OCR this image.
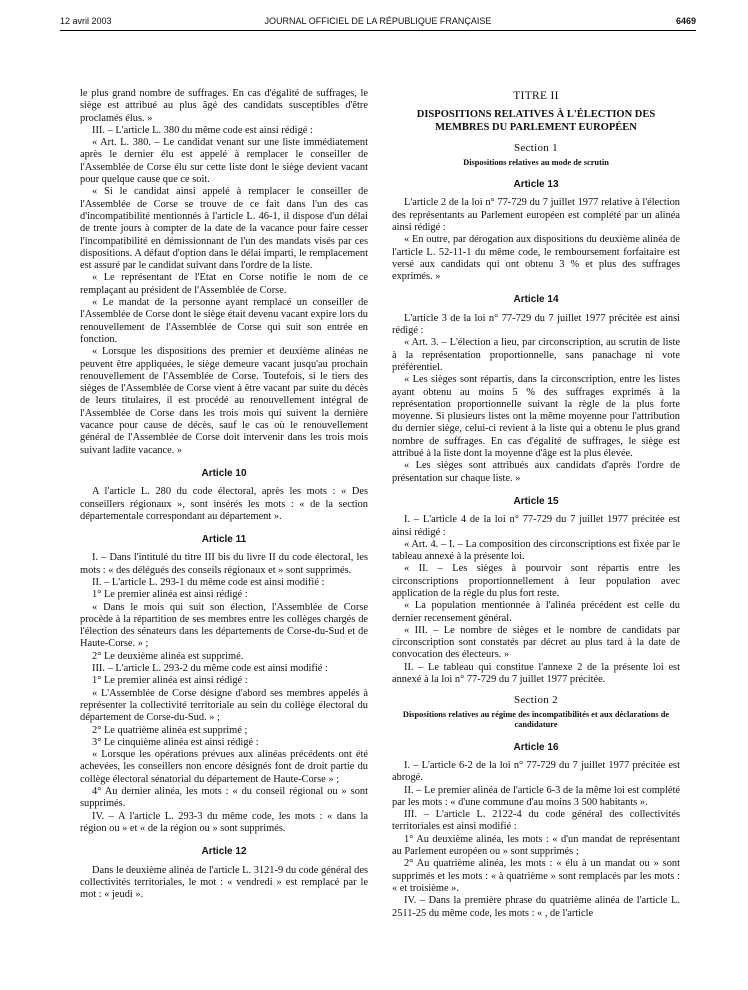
12 avril 2003	JOURNAL OFFICIEL DE LA RÉPUBLIQUE FRANÇAISE	6469

le plus grand nombre de suffrages. En cas d'égalité de suffrages, le siège est attribué au plus âgé des candidats susceptibles d'être proclamés élus. »

III. – L'article L. 380 du même code est ainsi rédigé :

« Art. L. 380. – Le candidat venant sur une liste immédiatement après le dernier élu est appelé à remplacer le conseiller de l'Assemblée de Corse élu sur cette liste dont le siège devient vacant pour quelque cause que ce soit.

« Si le candidat ainsi appelé à remplacer le conseiller de l'Assemblée de Corse se trouve de ce fait dans l'un des cas d'incompatibilité mentionnés à l'article L. 46-1, il dispose d'un délai de trente jours à compter de la date de la vacance pour faire cesser l'incompatibilité en démissionnant de l'un des mandats visés par ces dispositions. A défaut d'option dans le délai imparti, le remplacement est assuré par le candidat suivant dans l'ordre de la liste.

« Le représentant de l'Etat en Corse notifie le nom de ce remplaçant au président de l'Assemblée de Corse.

« Le mandat de la personne ayant remplacé un conseiller de l'Assemblée de Corse dont le siège était devenu vacant expire lors du renouvellement de l'Assemblée de Corse qui suit son entrée en fonction.

« Lorsque les dispositions des premier et deuxième alinéas ne peuvent être appliquées, le siège demeure vacant jusqu'au prochain renouvellement de l'Assemblée de Corse. Toutefois, si le tiers des sièges de l'Assemblée de Corse vient à être vacant par suite du décès de leurs titulaires, il est procédé au renouvellement intégral de l'Assemblée de Corse dans les trois mois qui suivent la dernière vacance pour cause de décès, sauf le cas où le renouvellement général de l'Assemblée de Corse doit intervenir dans les trois mois suivant ladite vacance. »

Article 10

A l'article L. 280 du code électoral, après les mots : « Des conseillers régionaux », sont insérés les mots : « de la section départementale correspondant au département ».

Article 11

I. – Dans l'intitulé du titre III bis du livre II du code électoral, les mots : « des délégués des conseils régionaux et » sont supprimés.

II. – L'article L. 293-1 du même code est ainsi modifié :

1° Le premier alinéa est ainsi rédigé :

« Dans le mois qui suit son élection, l'Assemblée de Corse procède à la répartition de ses membres entre les collèges chargés de l'élection des sénateurs dans les départements de Corse-du-Sud et de Haute-Corse. » ;

2° Le deuxième alinéa est supprimé.

III. – L'article L. 293-2 du même code est ainsi modifié :

1° Le premier alinéa est ainsi rédigé :

« L'Assemblée de Corse désigne d'abord ses membres appelés à représenter la collectivité territoriale au sein du collège électoral du département de Corse-du-Sud. » ;

2° Le quatrième alinéa est supprimé ;

3° Le cinquième alinéa est ainsi rédigé :

« Lorsque les opérations prévues aux alinéas précédents ont été achevées, les conseillers non encore désignés font de droit partie du collège électoral sénatorial du département de Haute-Corse » ;

4° Au dernier alinéa, les mots : « du conseil régional ou » sont supprimés.

IV. – A l'article L. 293-3 du même code, les mots : « dans la région ou » et « de la région ou » sont supprimés.

Article 12

Dans le deuxième alinéa de l'article L. 3121-9 du code général des collectivités territoriales, le mot : « vendredi » est remplacé par le mot : « jeudi ».

TITRE II
DISPOSITIONS RELATIVES À L'ÉLECTION DES MEMBRES DU PARLEMENT EUROPÉEN
Section 1
Dispositions relatives au mode de scrutin
Article 13

L'article 2 de la loi n° 77-729 du 7 juillet 1977 relative à l'élection des représentants au Parlement européen est complété par un alinéa ainsi rédigé :

« En outre, par dérogation aux dispositions du deuxième alinéa de l'article L. 52-11-1 du même code, le remboursement forfaitaire est versé aux candidats qui ont obtenu 3 % et plus des suffrages exprimés. »

Article 14

L'article 3 de la loi n° 77-729 du 7 juillet 1977 précitée est ainsi rédigé :

« Art. 3. – L'élection a lieu, par circonscription, au scrutin de liste à la représentation proportionnelle, sans panachage ni vote préférentiel.

« Les sièges sont répartis, dans la circonscription, entre les listes ayant obtenu au moins 5 % des suffrages exprimés à la représentation proportionnelle suivant la règle de la plus forte moyenne. Si plusieurs listes ont la même moyenne pour l'attribution du dernier siège, celui-ci revient à la liste qui a obtenu le plus grand nombre de suffrages. En cas d'égalité de suffrages, le siège est attribué à la liste dont la moyenne d'âge est la plus élevée.

« Les sièges sont attribués aux candidats d'après l'ordre de présentation sur chaque liste. »

Article 15

I. – L'article 4 de la loi n° 77-729 du 7 juillet 1977 précitée est ainsi rédigé :

« Art. 4. – I. – La composition des circonscriptions est fixée par le tableau annexé à la présente loi.

« II. – Les sièges à pourvoir sont répartis entre les circonscriptions proportionnellement à leur population avec application de la règle du plus fort reste.

« La population mentionnée à l'alinéa précédent est celle du dernier recensement général.

« III. – Le nombre de sièges et le nombre de candidats par circonscription sont constatés par décret au plus tard à la date de convocation des électeurs. »

II. – Le tableau qui constitue l'annexe 2 de la présente loi est annexé à la loi n° 77-729 du 7 juillet 1977 précitée.

Section 2
Dispositions relatives au régime des incompatibilités et aux déclarations de candidature
Article 16

I. – L'article 6-2 de la loi n° 77-729 du 7 juillet 1977 précitée est abrogé.

II. – Le premier alinéa de l'article 6-3 de la même loi est complété par les mots : « d'une commune d'au moins 3 500 habitants ».

III. – L'article L. 2122-4 du code général des collectivités territoriales est ainsi modifié :

1° Au deuxième alinéa, les mots : « d'un mandat de représentant au Parlement européen ou » sont supprimés ;

2° Au quatrième alinéa, les mots : « élu à un mandat ou » sont supprimés et les mots : « à quatrième » sont remplacés par les mots : « et troisième ».

IV. – Dans la première phrase du quatrième alinéa de l'article L. 2511-25 du même code, les mots : « , de l'article
